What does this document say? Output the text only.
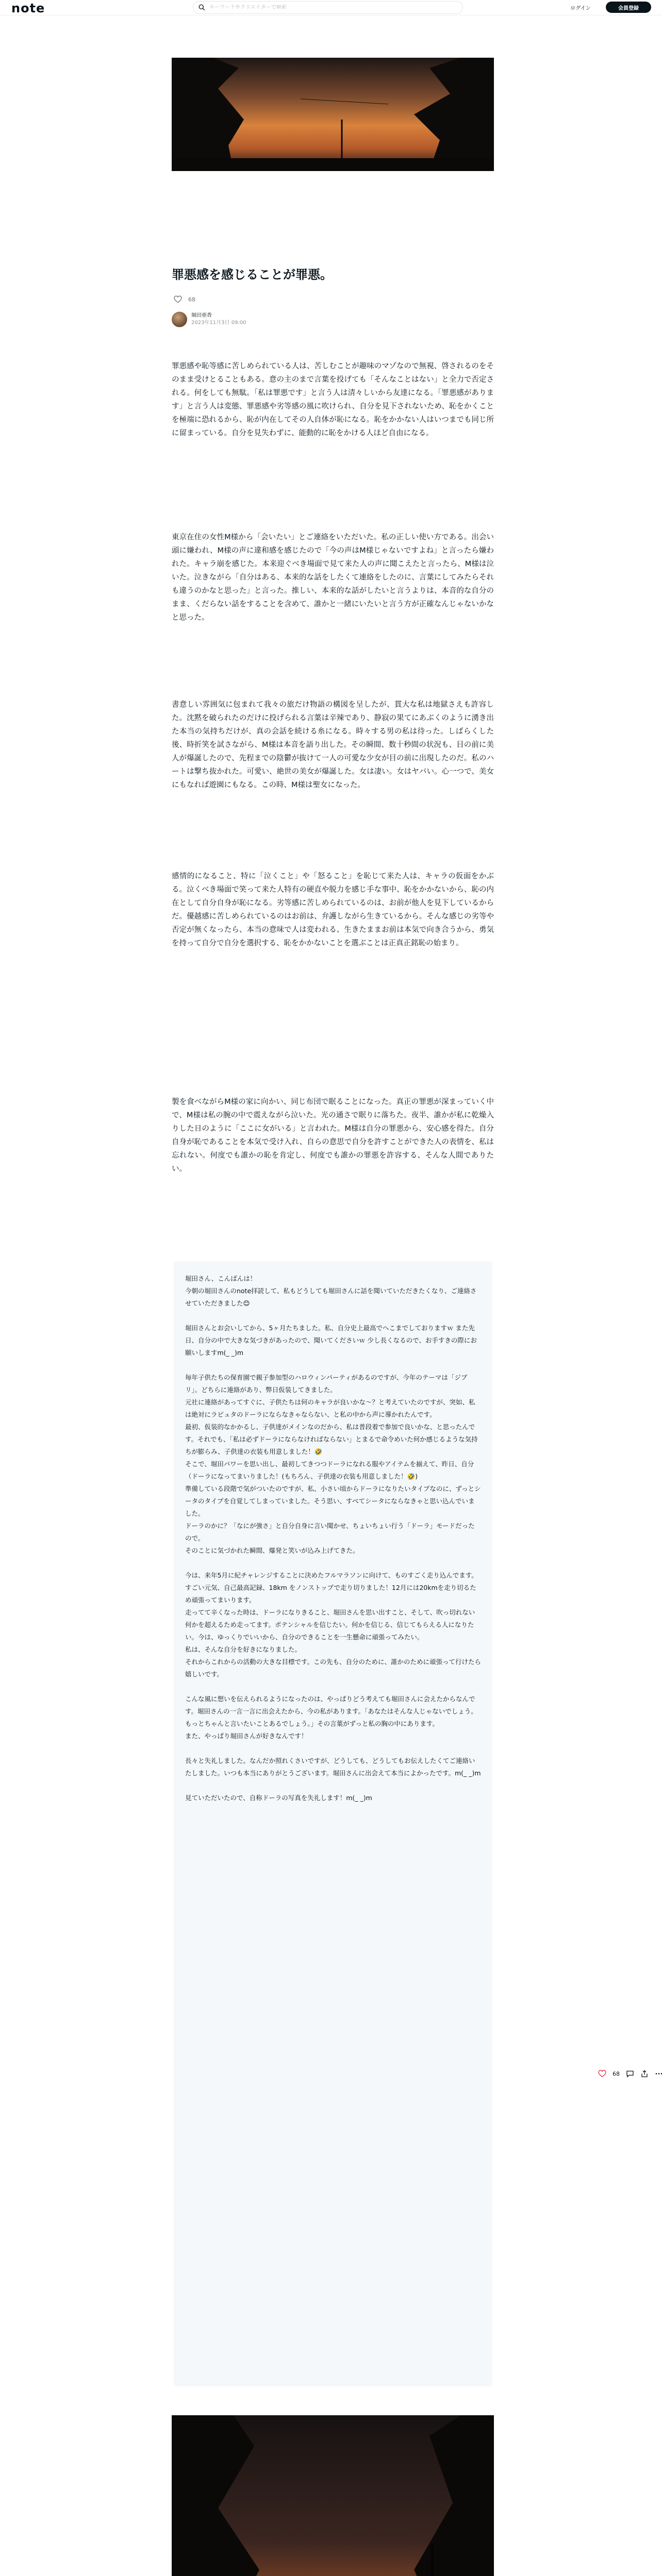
note
キーワードやクリエイターで検索	ログイン	会員登録
罪悪感を感じることが罪悪。
68
堀田亜香
2023年11月3日 09:00

罪悪感や恥等感に苦しめられている人は、苦しむことが趣味のマゾなので無視、啓されるのをそのまま受けとることもある。意の主のまで言葉を投げても「そんなことはない」と全力で否定される。何をしても無駄。「私は罪悪です」と言う人は清々しいから友達になる。「罪悪感があります」と言う人は変態、罪悪感や劣等感の風に吹けられ、自分を見下されないため、恥をかくことを極端に恐れるから、恥が内在してその人自体が恥になる。恥をかかない人はいつまでも同じ所に留まっている。自分を見失わずに、能動的に恥をかける人ほど自由になる。

東京在住の女性M様から「会いたい」とご連絡をいただいた。私の正しい使い方である。出会い頭に嫌われ、M様の声に違和感を感じたので「今の声はM様じゃないですよね」と言ったら嫌われた。キャラ崩を感じた。本来迎ぐべき場面で見て来た人の声に聞こえたと言ったら、M様は泣いた。泣きながら「自分はある、本来的な話をしたくて連絡をしたのに、言葉にしてみたらそれも違うのかなと思った」と言った。推しい、本来的な話がしたいと言うよりは、本音的な自分のまま、くだらない話をすることを含めて、誰かと一緒にいたいと言う方が正確なんじゃないかなと思った。

書意しい雰囲気に包まれて我々の旅だけ物語の構図を呈したが、貫大な私は地獄さえも許容した。沈黙を破られたのだけに投げられる言葉は辛辣であり、静寂の果てにあぶくのように湧き出た本当の気持ちだけが、真の会話を続ける糸になる。時々する男の私は待った。しばらくした後、時折笑を試さながら、M様は本音を語り出した。その瞬間、数十秒間の状況も、目の前に美人が爆誕したので、先程までの陰鬱が抜けて一人の可愛な少女が目の前に出現したのだ。私のハートは撃ち抜かれた。可愛い、絶世の美女が爆誕した。女は凄い。女はヤバい。心一つで、美女にもなれば遊園にもなる。この時、M様は聖女になった。

感情的になること、特に「泣くこと」や「怒ること」を恥じて来た人は、キャラの仮面をかぶる。泣くべき場面で笑って来た人特有の硬直や脱力を感じ手な事中、恥をかかないから、恥の内在として自分自身が恥になる。劣等感に苦しめられているのは、お前が他人を見下しているからだ。優越感に苦しめられているのはお前は、弁護しながら生きているから。そんな感じの劣等や否定が無くなったら、本当の意味で人は変われる、生きたままお前は本気で向き合うから、勇気を持って自分で自分を選択する、恥をかかないことを選ぶことは正真正銘恥の始まり。

製を食べながらM様の家に向かい、同じ布団で眠ることになった。真正の罪悪が深まっていく中で、M様は私の腕の中で震えながら泣いた。光の通さで眠りに落ちた。夜半、誰かが私に乾燥入りした日のように「ここに女がいる」と言われた。M様は自分の罪悪から、安心感を得た。自分自身が恥であることを本気で受け入れ、自らの意思で自分を許すことができた人の表情を、私は忘れない。何度でも誰かの恥を肯定し、何度でも誰かの罪悪を許容する、そんな人間でありたい。

堀田さん、こんばんは！
今朝の堀田さんのnote拝読して、私もどうしても堀田さんに話を聞いていただきたくなり、ご連絡させていただきました😊

堀田さんとお会いしてから、5ヶ月たちました。私、自分史上最高でへこまでしておりますｗ また先日、自分の中で大きな気づきがあったので、聞いてくださいｗ 少し長くなるので、お手すきの際にお願いしますm(_ _)m

毎年子供たちの保育園で親子参加型のハロウィンパーティがあるのですが、今年のテーマは「ジブリ」。どちらに連絡があり、弊日仮装してきました。
元社に連絡があってすぐに、子供たちは何のキャラが良いかな〜？と考えていたのですが、突如、私は絶対にラピュタのドーラにならなきゃならない、と私の中から声に導かれたんです。
最初、仮装的なかかるし、子供達がメインなのだから、私は普段着で参加で良いかな、と思ったんです。それでも、「私は必ずドーラにならなければならない」とまるで命令めいた何か感じるような気持ちが膨らみ、子供達の衣装も用意しました！🤣
そこで、堀田パワーを思い出し、最初してきつつドーラになれる服やアイテムを揃えて、昨日、自分（ドーラになってまいりました！(もちろん、子供達の衣装も用意しました！🤣)
準備している段階で気がついたのですが、私、小さい頃からドーラになりたいタイプなのに、ずっとシータのタイプを自覚してしまっていました。そう思い、すべてシータにならなきゃと思い込んでいました。
ドーラのかに？「なにが強さ」と自分自身に言い聞かせ、ちょいちょい行う「ドーラ」モードだったので。
そのことに気づかれた瞬間、爆発と笑いが込み上げてきた。

今は、来年5月に紀チャレンジすることに決めたフルマラソンに向けて、ものすごく走り込んでます。すごい元気、自己最高記録、18km をノンストップで走り切りました！12月には20kmを走り切るため頑張ってまいります。
走ってて辛くなった時は、ドーラになりきること、堀田さんを思い出すこと、そして、吹っ切れない何かを超えるため走ってます。ポテンシャルを信じたい。何かを信じる、信じてもらえる人になりたい。今は、ゆっくりでいいから、自分のできることを一生懸命に頑張ってみたい。
私は、そんな自分を好きになりました。
それからこれからの活動の大きな目標です。この先も、自分のために、誰かのために頑張って行けたら嬉しいです。

こんな風に想いを伝えられるようになったのは、やっぱりどう考えても堀田さんに会えたからなんです。堀田さんの一言一言に出会えたから、今の私があります。「あなたはそんな人じゃないでしょう。もっとちゃんと言いたいことあるでしょう。」その言葉がずっと私の胸の中にあります。
また、やっぱり堀田さんが好きなんです！

長々と失礼しました。なんだか照れくさいですが、どうしても、どうしてもお伝えしたくてご連絡いたしました。いつも本当にありがとうございます。堀田さんに出会えて本当によかったです。m(_ _)m

見ていただいたので、自称ドーラの写真を失礼します！m(_ _)m
68
